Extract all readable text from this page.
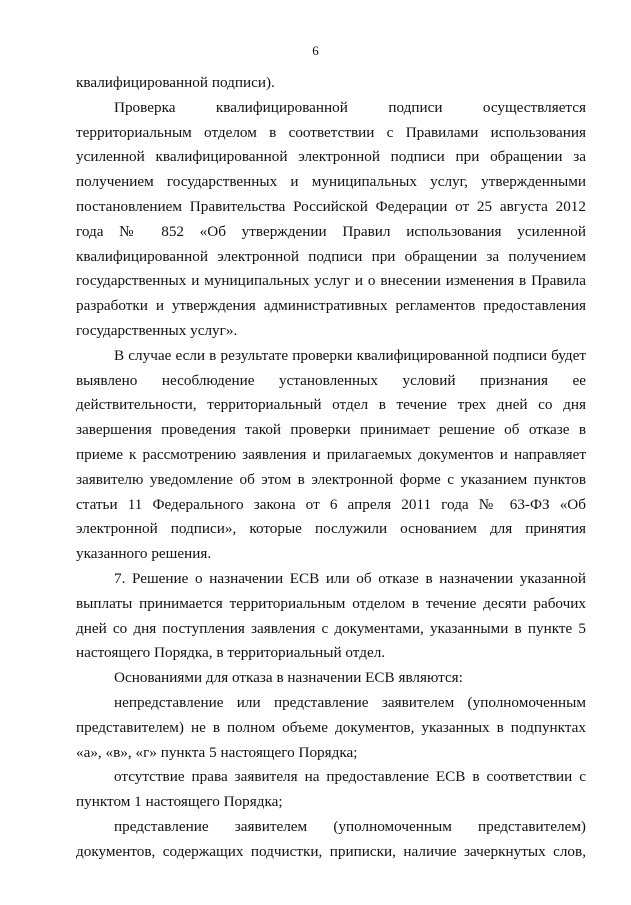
6

квалифицированной подписи).

Проверка квалифицированной подписи осуществляется территориальным отделом в соответствии с Правилами использования усиленной квалифицированной электронной подписи при обращении за получением государственных и муниципальных услуг, утвержденными постановлением Правительства Российской Федерации от 25 августа 2012 года № 852 «Об утверждении Правил использования усиленной квалифицированной электронной подписи при обращении за получением государственных и муниципальных услуг и о внесении изменения в Правила разработки и утверждения административных регламентов предоставления государственных услуг».

В случае если в результате проверки квалифицированной подписи будет выявлено несоблюдение установленных условий признания ее действительности, территориальный отдел в течение трех дней со дня завершения проведения такой проверки принимает решение об отказе в приеме к рассмотрению заявления и прилагаемых документов и направляет заявителю уведомление об этом в электронной форме с указанием пунктов статьи 11 Федерального закона от 6 апреля 2011 года № 63-ФЗ «Об электронной подписи», которые послужили основанием для принятия указанного решения.

7. Решение о назначении ЕСВ или об отказе в назначении указанной выплаты принимается территориальным отделом в течение десяти рабочих дней со дня поступления заявления с документами, указанными в пункте 5 настоящего Порядка, в территориальный отдел.

Основаниями для отказа в назначении ЕСВ являются:

непредставление или представление заявителем (уполномоченным представителем) не в полном объеме документов, указанных в подпунктах «а», «в», «г» пункта 5 настоящего Порядка;

отсутствие права заявителя на предоставление ЕСВ в соответствии с пунктом 1 настоящего Порядка;

представление заявителем (уполномоченным представителем) документов, содержащих подчистки, приписки, наличие зачеркнутых слов,
